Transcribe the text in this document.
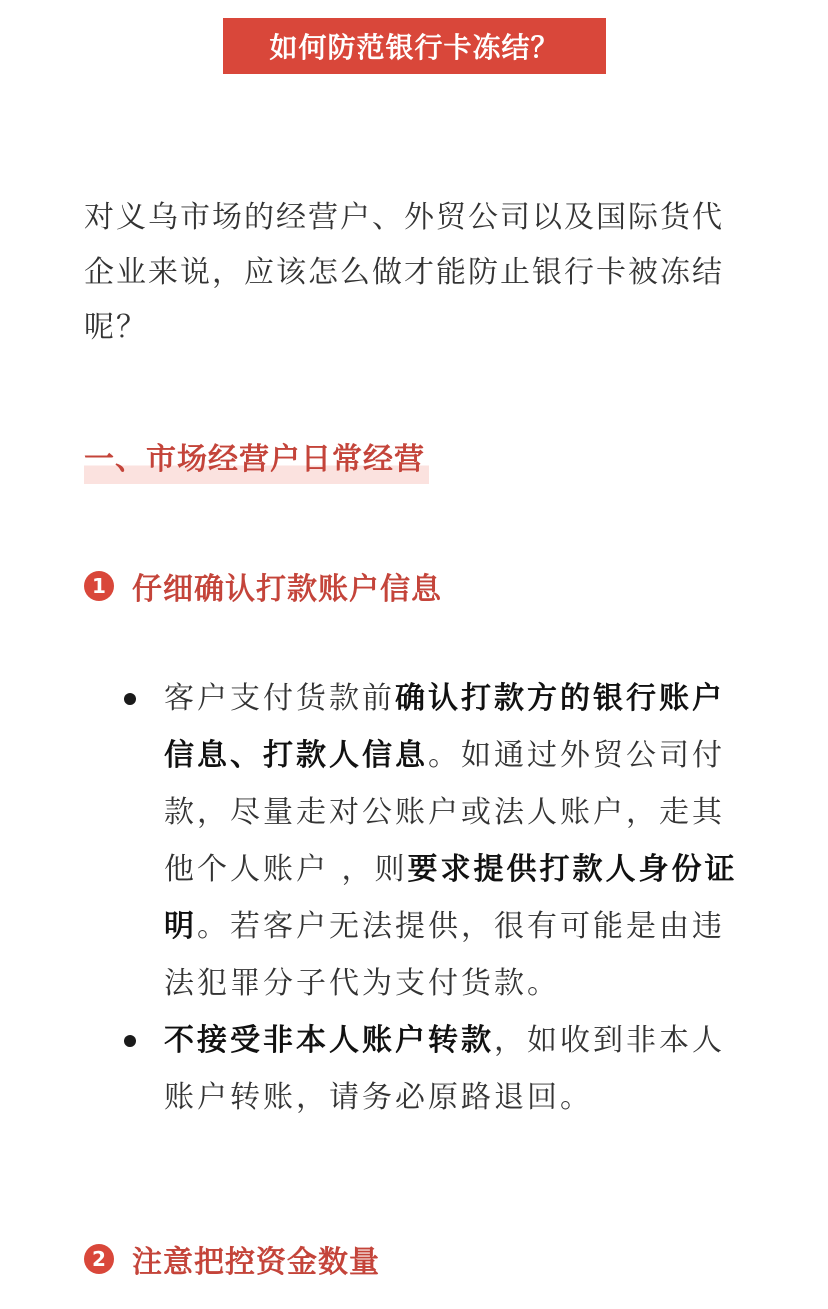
如何防范银行卡冻结？
对义乌市场的经营户、外贸公司以及国际货代企业来说，应该怎么做才能防止银行卡被冻结呢？
一、市场经营户日常经营
1 仔细确认打款账户信息
客户支付货款前确认打款方的银行账户信息、打款人信息。如通过外贸公司付款，尽量走对公账户或法人账户，走其他个人账户 ，则要求提供打款人身份证明。若客户无法提供，很有可能是由违法犯罪分子代为支付货款。
不接受非本人账户转款，如收到非本人账户转账，请务必原路退回。
2 注意把控资金数量
